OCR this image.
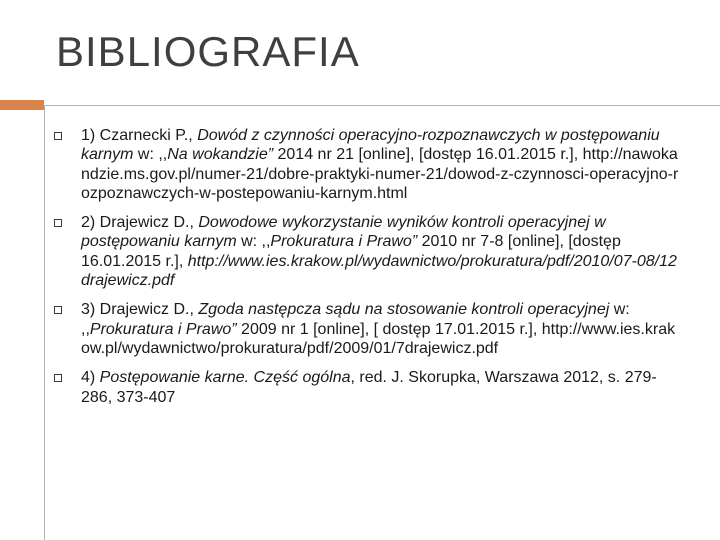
BIBLIOGRAFIA
1) Czarnecki P., Dowód z czynności operacyjno-rozpoznawczych w postępowaniu karnym w: ,,Na wokandzie” 2014 nr 21 [online], [dostęp 16.01.2015 r.], http://nawokandzie.ms.gov.pl/numer-21/dobre-praktyki-numer-21/dowod-z-czynnosci-operacyjno-rozpoznawczych-w-postepowaniu-karnym.html
2) Drajewicz D., Dowodowe wykorzystanie wyników kontroli operacyjnej w postępowaniu karnym w: ,,Prokuratura i Prawo” 2010 nr 7-8 [online], [dostęp 16.01.2015 r.], http://www.ies.krakow.pl/wydawnictwo/prokuratura/pdf/2010/07-08/12drajewicz.pdf
3) Drajewicz D., Zgoda następcza sądu na stosowanie kontroli operacyjnej w: ,,Prokuratura i Prawo” 2009 nr 1 [online], [ dostęp 17.01.2015 r.], http://www.ies.krakow.pl/wydawnictwo/prokuratura/pdf/2009/01/7drajewicz.pdf
4) Postępowanie karne. Część ogólna, red. J. Skorupka, Warszawa 2012, s. 279-286, 373-407
